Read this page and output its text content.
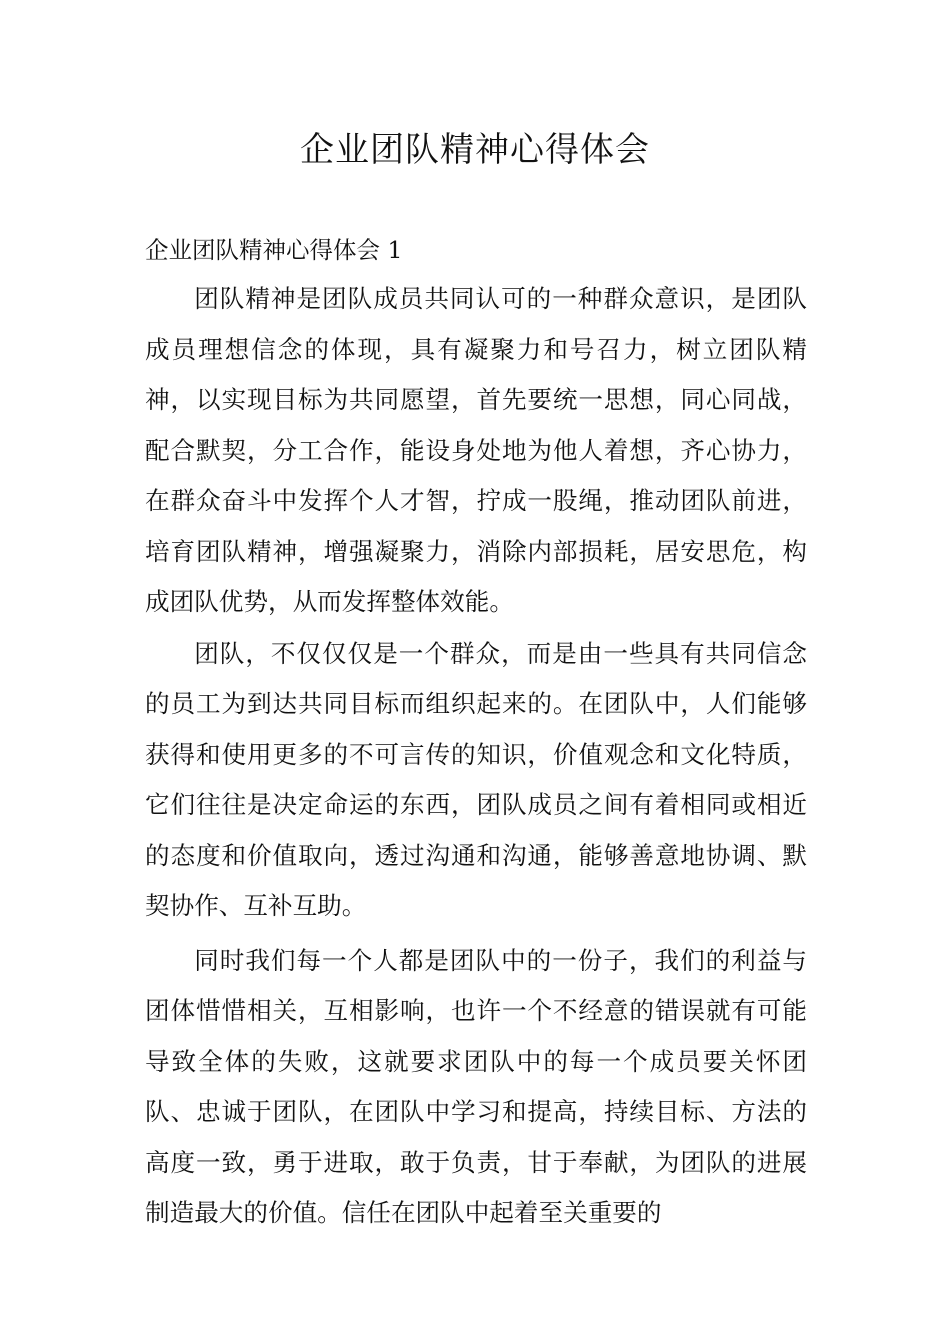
企业团队精神心得体会

企业团队精神心得体会 1

团队精神是团队成员共同认可的一种群众意识，是团队成员理想信念的体现，具有凝聚力和号召力，树立团队精神，以实现目标为共同愿望，首先要统一思想，同心同战，配合默契，分工合作，能设身处地为他人着想，齐心协力，在群众奋斗中发挥个人才智，拧成一股绳，推动团队前进，培育团队精神，增强凝聚力，消除内部损耗，居安思危，构成团队优势，从而发挥整体效能。

团队，不仅仅仅是一个群众，而是由一些具有共同信念的员工为到达共同目标而组织起来的。在团队中，人们能够获得和使用更多的不可言传的知识，价值观念和文化特质，它们往往是决定命运的东西，团队成员之间有着相同或相近的态度和价值取向，透过沟通和沟通，能够善意地协调、默契协作、互补互助。

同时我们每一个人都是团队中的一份子，我们的利益与团体惜惜相关，互相影响，也许一个不经意的错误就有可能导致全体的失败，这就要求团队中的每一个成员要关怀团队、忠诚于团队，在团队中学习和提高，持续目标、方法的高度一致，勇于进取，敢于负责，甘于奉献，为团队的进展制造最大的价值。信任在团队中起着至关重要的
